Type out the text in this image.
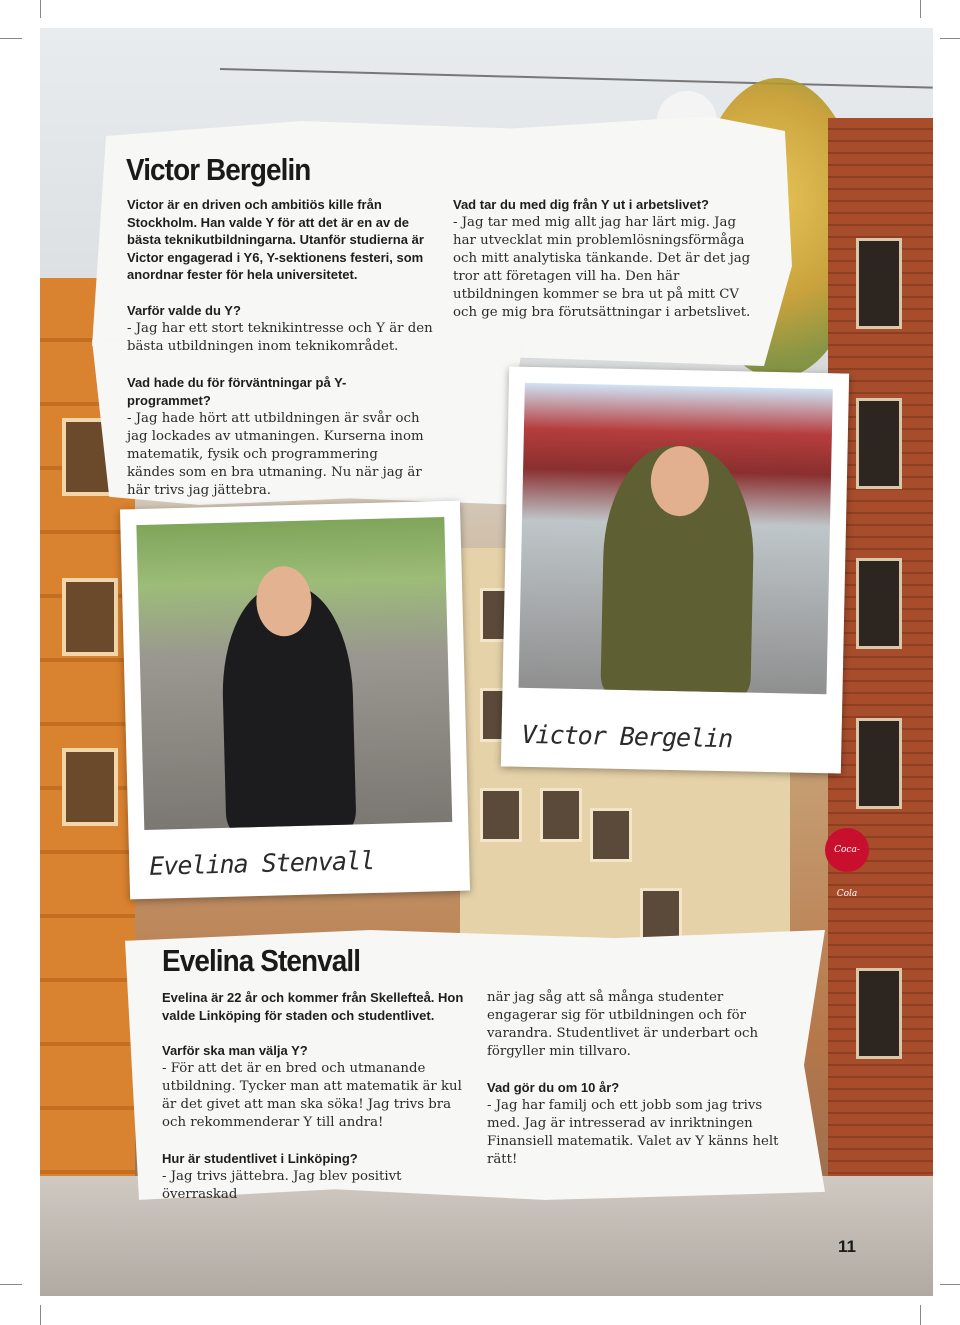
Coca-Cola
Victor Bergelin

Victor är en driven och ambitiös kille från Stockholm. Han valde Y för att det är en av de bästa teknikutbildningarna. Utanför studierna är Victor engagerad i Y6, Y-sektionens festeri, som anordnar fester för hela universitetet.

Varför valde du Y?
- Jag har ett stort teknikintresse och Y är den bästa utbildningen inom teknikområdet.
Vad hade du för förväntningar på Y-programmet?
- Jag hade hört att utbildningen är svår och jag lockades av utmaningen. Kurserna inom matematik, fysik och programmering kändes som en bra utmaning. Nu när jag är här trivs jag jättebra.
Vad tar du med dig från Y ut i arbetslivet?
- Jag tar med mig allt jag har lärt mig. Jag har utvecklat min problemlösningsförmåga och mitt analytiska tänkande. Det är det jag tror att företagen vill ha. Den här utbildningen kommer se bra ut på mitt CV och ge mig bra förutsättningar i arbetslivet.
Victor Bergelin
Evelina Stenvall
Evelina Stenvall

Evelina är 22 år och kommer från Skellefteå. Hon valde Linköping för staden och studentlivet.

Varför ska man välja Y?
- För att det är en bred och utmanande utbildning. Tycker man att matematik är kul är det givet att man ska söka! Jag trivs bra och rekommenderar Y till andra!
Hur är studentlivet i Linköping?
- Jag trivs jättebra. Jag blev positivt överraskad
när jag såg att så många studenter engagerar sig för utbildningen och för varandra. Studentlivet är underbart och förgyller min tillvaro.
Vad gör du om 10 år?
- Jag har familj och ett jobb som jag trivs med. Jag är intresserad av inriktningen Finansiell matematik. Valet av Y känns helt rätt!
11
